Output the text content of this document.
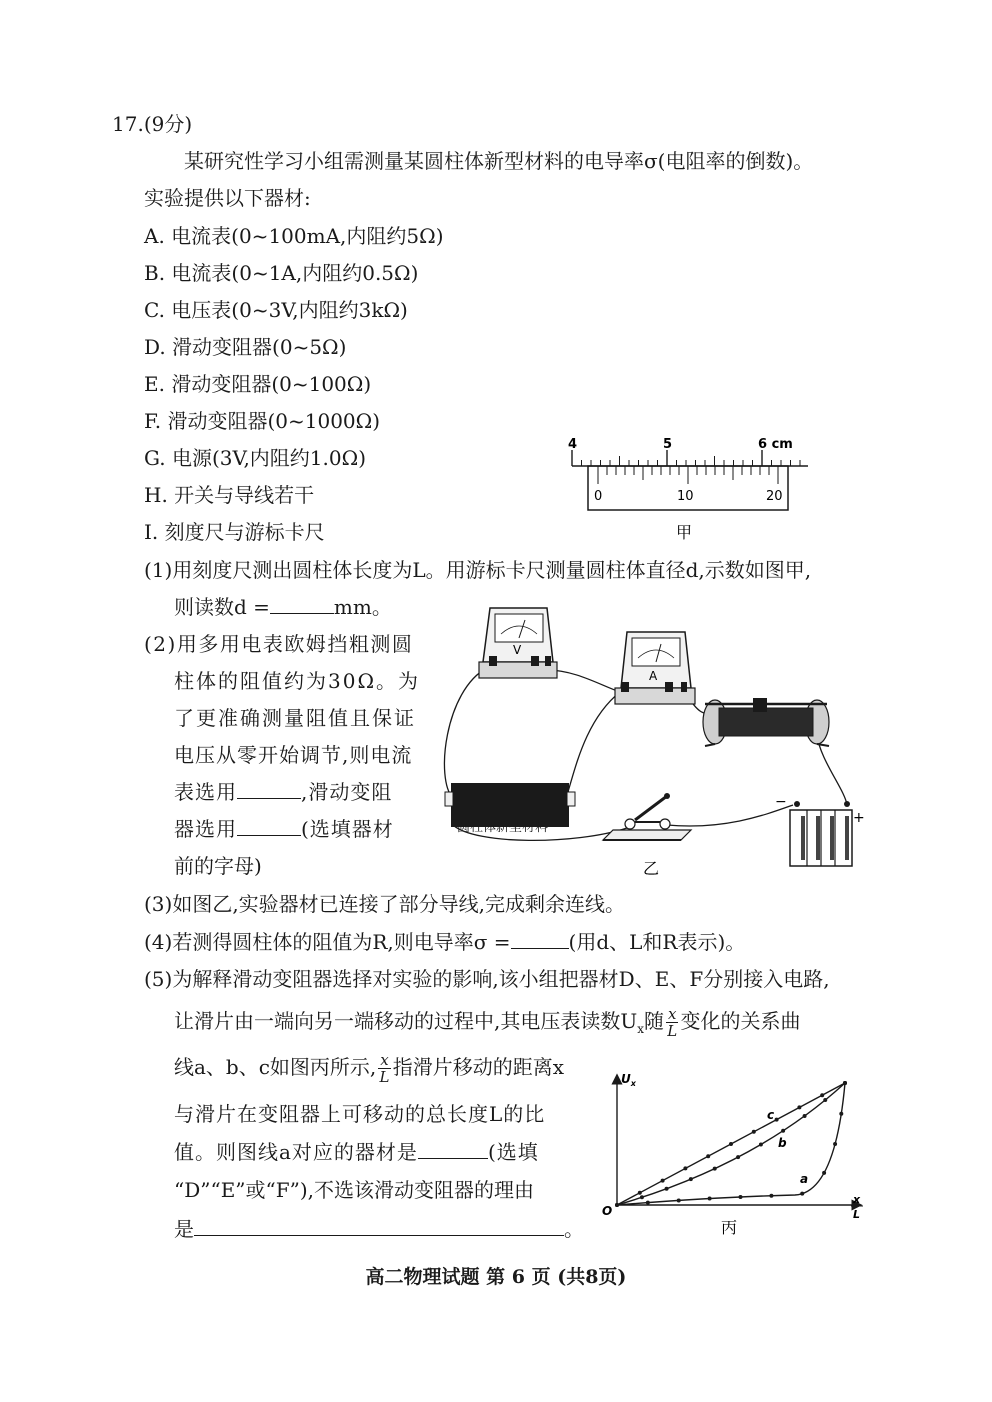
17.(9分)
某研究性学习小组需测量某圆柱体新型材料的电导率σ(电阻率的倒数)。
实验提供以下器材:
A. 电流表(0~100mA,内阻约5Ω)
B. 电流表(0~1A,内阻约0.5Ω)
C. 电压表(0~3V,内阻约3kΩ)
D. 滑动变阻器(0~5Ω)
E. 滑动变阻器(0~100Ω)
F. 滑动变阻器(0~1000Ω)
G. 电源(3V,内阻约1.0Ω)
H. 开关与导线若干
I. 刻度尺与游标卡尺
4	5	6 cm
0	10	20
甲
(1)用刻度尺测出圆柱体长度为L。用游标卡尺测量圆柱体直径d,示数如图甲,
则读数d =	mm。
(2)用多用电表欧姆挡粗测圆
柱体的阻值约为30Ω。为
了更准确测量阻值且保证
电压从零开始调节,则电流
表选用	,滑动变阻
器选用	(选填器材
前的字母)
V
A
圆柱体新型材料
乙
−
+
(3)如图乙,实验器材已连接了部分导线,完成剩余连线。
(4)若测得圆柱体的阻值为R,则电导率σ =	(用d、L和R表示)。
(5)为解释滑动变阻器选择对实验的影响,该小组把器材D、E、F分别接入电路,
让滑片由一端向另一端移动的过程中,其电压表读数$U_x$随 $\frac{x}{L}$ 变化的关系曲
线a、b、c如图丙所示, $\frac{x}{L}$ 指滑片移动的距离x
与滑片在变阻器上可移动的总长度L的比
值。则图线a对应的器材是	(选填
“D”“E”或“F”),不选该滑动变阻器的理由
是	。
$U_x$
O
x
L
a
b
c
丙
高二物理试题 第 6 页 (共8页)
